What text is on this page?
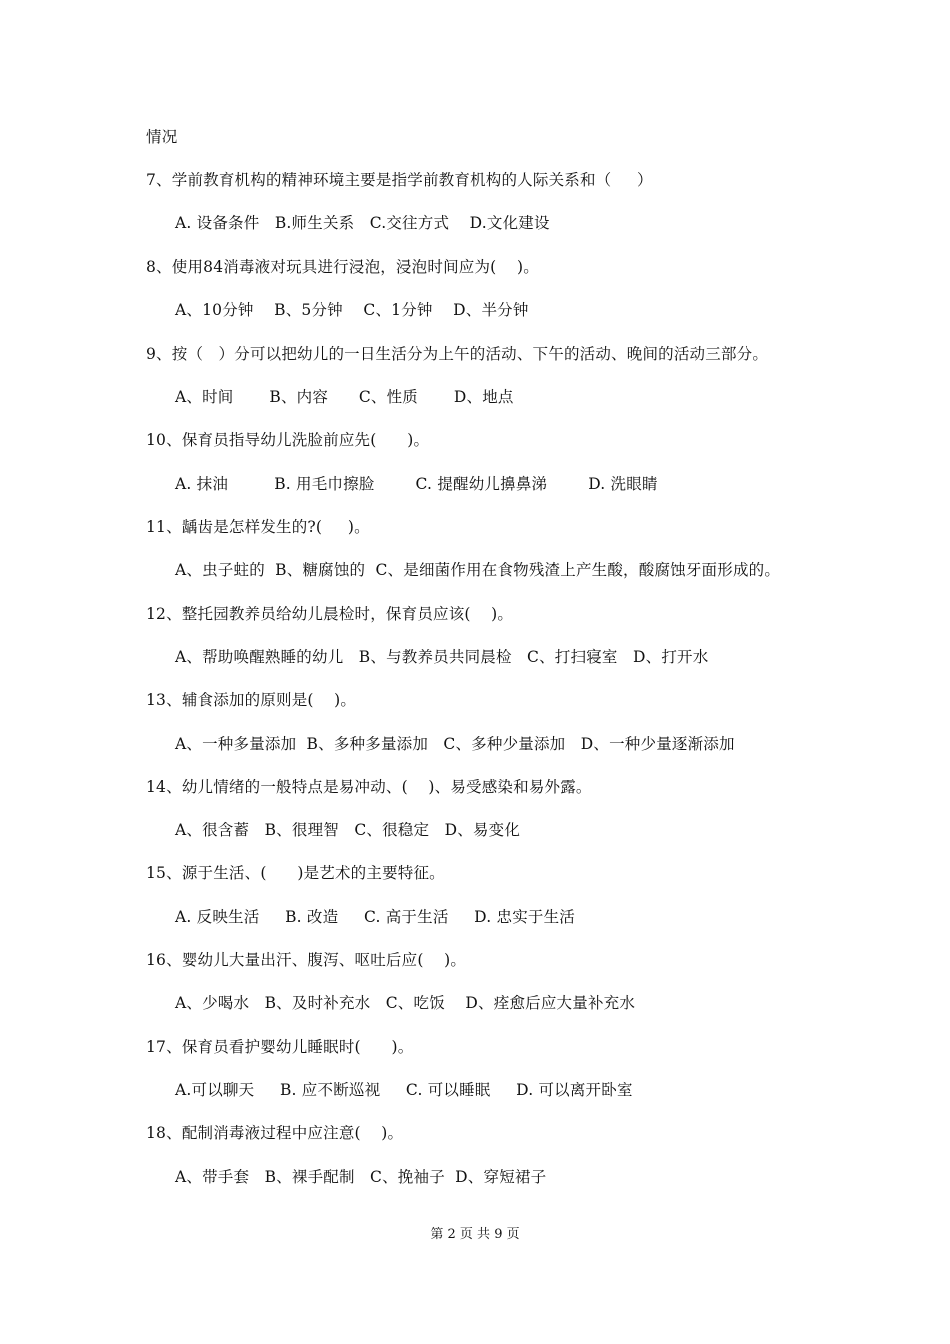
情况
7、学前教育机构的精神环境主要是指学前教育机构的人际关系和（     ）
A. 设备条件   B.师生关系   C.交往方式    D.文化建设
8、使用84消毒液对玩具进行浸泡，浸泡时间应为(    )。
A、10分钟    B、5分钟    C、1分钟    D、半分钟
9、按（   ）分可以把幼儿的一日生活分为上午的活动、下午的活动、晚间的活动三部分。
A、时间       B、内容      C、性质       D、地点
10、保育员指导幼儿洗脸前应先(      )。
A. 抹油         B. 用毛巾擦脸        C. 提醒幼儿擤鼻涕        D. 洗眼睛
11、龋齿是怎样发生的?(     )。
A、虫子蛀的  B、糖腐蚀的  C、是细菌作用在食物残渣上产生酸，酸腐蚀牙面形成的。
12、整托园教养员给幼儿晨检时，保育员应该(    )。
A、帮助唤醒熟睡的幼儿   B、与教养员共同晨检   C、打扫寝室   D、打开水
13、辅食添加的原则是(    )。
A、一种多量添加  B、多种多量添加   C、多种少量添加   D、一种少量逐渐添加
14、幼儿情绪的一般特点是易冲动、(    )、易受感染和易外露。
A、很含蓄   B、很理智   C、很稳定   D、易变化
15、源于生活、(      )是艺术的主要特征。
A. 反映生活     B. 改造     C. 高于生活     D. 忠实于生活
16、婴幼儿大量出汗、腹泻、呕吐后应(    )。
A、少喝水   B、及时补充水   C、吃饭    D、痊愈后应大量补充水
17、保育员看护婴幼儿睡眠时(      )。
A.可以聊天     B. 应不断巡视     C. 可以睡眠     D. 可以离开卧室
18、配制消毒液过程中应注意(    )。
A、带手套   B、裸手配制   C、挽袖子  D、穿短裙子
第 2 页 共 9 页
